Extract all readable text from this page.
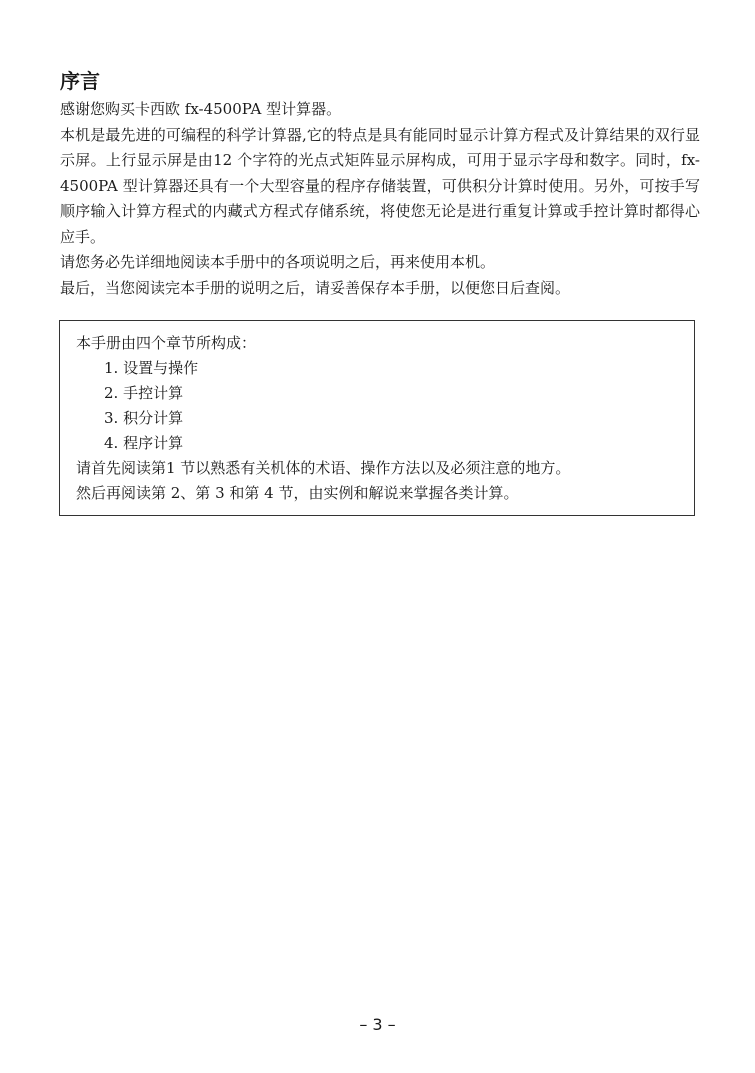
序言

感谢您购买卡西欧 fx-4500PA 型计算器。

本机是最先进的可编程的科学计算器,它的特点是具有能同时显示计算方程式及计算结果的双行显示屏。上行显示屏是由12 个字符的光点式矩阵显示屏构成，可用于显示字母和数字。同时，fx-4500PA 型计算器还具有一个大型容量的程序存储装置，可供积分计算时使用。另外，可按手写顺序输入计算方程式的内藏式方程式存储系统，将使您无论是进行重复计算或手控计算时都得心应手。

请您务必先详细地阅读本手册中的各项说明之后，再来使用本机。

最后，当您阅读完本手册的说明之后，请妥善保存本手册，以便您日后查阅。

本手册由四个章节所构成：

1. 设置与操作
2. 手控计算
3. 积分计算
4. 程序计算

请首先阅读第1 节以熟悉有关机体的术语、操作方法以及必须注意的地方。

然后再阅读第 2、第 3 和第 4 节，由实例和解说来掌握各类计算。

– 3 –
